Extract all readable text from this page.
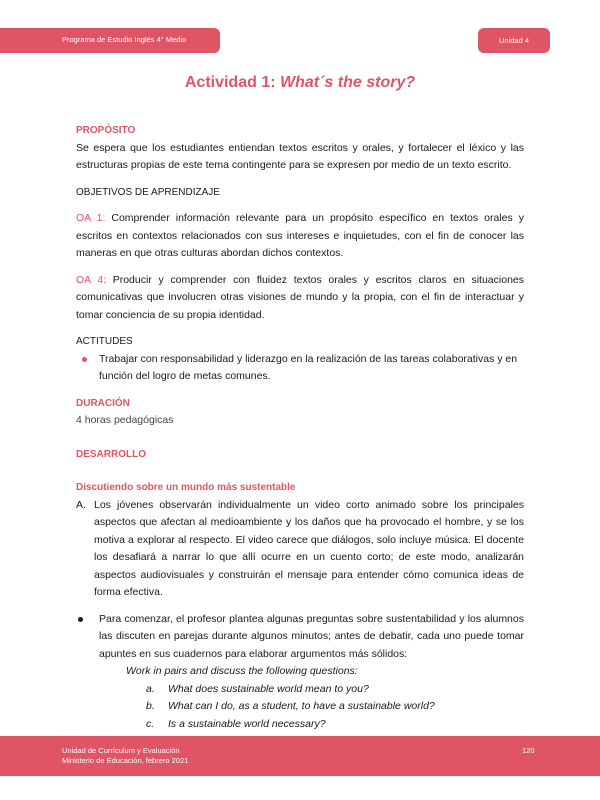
Programa de Estudio Inglés 4° Medio	Unidad 4
Actividad 1: What´s the story?

PROPÓSITO

Se espera que los estudiantes entiendan textos escritos y orales, y fortalecer el léxico y las estructuras propias de este tema contingente para se expresen por medio de un texto escrito.

OBJETIVOS DE APRENDIZAJE

OA 1: Comprender información relevante para un propósito específico en textos orales y escritos en contextos relacionados con sus intereses e inquietudes, con el fin de conocer las maneras en que otras culturas abordan dichos contextos.

OA 4: Producir y comprender con fluidez textos orales y escritos claros en situaciones comunicativas que involucren otras visiones de mundo y la propia, con el fin de interactuar y tomar conciencia de su propia identidad.

ACTITUDES

Trabajar con responsabilidad y liderazgo en la realización de las tareas colaborativas y en función del logro de metas comunes.

DURACIÓN

4 horas pedagógicas

DESARROLLO

Discutiendo sobre un mundo más sustentable

A. Los jóvenes observarán individualmente un video corto animado sobre los principales aspectos que afectan al medioambiente y los daños que ha provocado el hombre, y se los motiva a explorar al respecto. El video carece que diálogos, solo incluye música. El docente los desafiará a narrar lo que allí ocurre en un cuento corto; de este modo, analizarán aspectos audiovisuales y construirán el mensaje para entender cómo comunica ideas de forma efectiva.
Para comenzar, el profesor plantea algunas preguntas sobre sustentabilidad y los alumnos las discuten en parejas durante algunos minutos; antes de debatir, cada uno puede tomar apuntes en sus cuadernos para elaborar argumentos más sólidos:

Work in pairs and discuss the following questions:

a.	What does sustainable world mean to you?
b.	What can I do, as a student, to have a sustainable world?
c.	Is a sustainable world necessary?
Unidad de Currículum y Evaluación
Ministerio de Educación, febrero 2021
120
